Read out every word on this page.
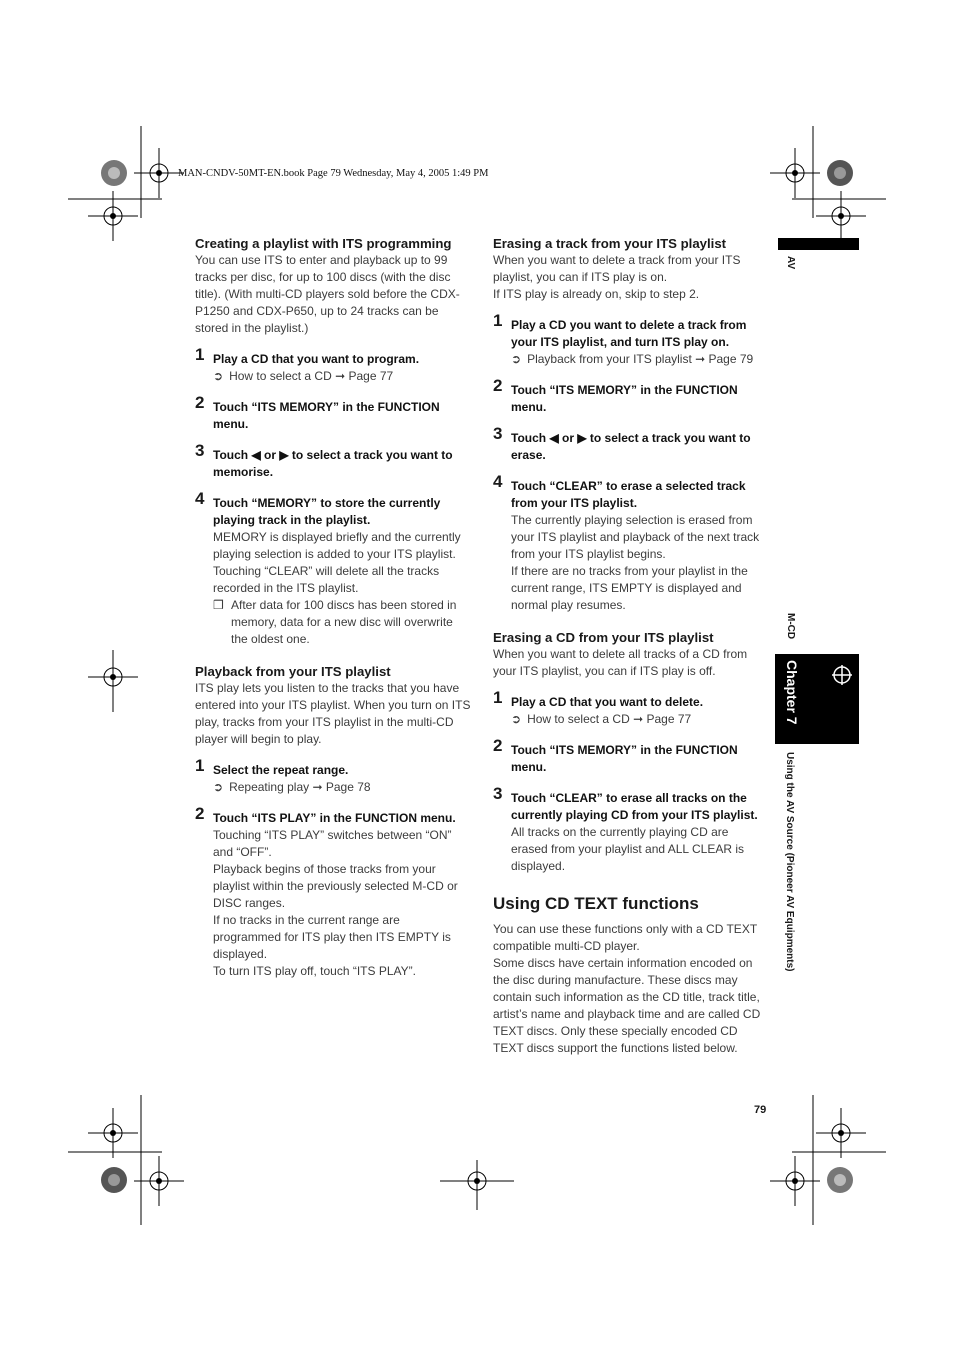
MAN-CNDV-50MT-EN.book Page 79 Wednesday, May 4, 2005 1:49 PM
AV
M-CD
Chapter 7
Using the AV Source (Pioneer AV Equipments)
79
Creating a playlist with ITS programming

You can use ITS to enter and playback up to 99 tracks per disc, for up to 100 discs (with the disc title). (With multi-CD players sold before the CDX-P1250 and CDX-P650, up to 24 tracks can be stored in the playlist.)

1 Play a CD that you want to program.
➲ How to select a CD ➞ Page 77
2 Touch “ITS MEMORY” in the FUNCTION menu.
3 Touch ◀ or ▶ to select a track you want to memorise.
4 Touch “MEMORY” to store the currently playing track in the playlist.

MEMORY is displayed briefly and the currently playing selection is added to your ITS playlist.

Touching “CLEAR” will delete all the tracks recorded in the ITS playlist.

❒ After data for 100 discs has been stored in memory, data for a new disc will overwrite the oldest one.
Playback from your ITS playlist

ITS play lets you listen to the tracks that you have entered into your ITS playlist. When you turn on ITS play, tracks from your ITS playlist in the multi-CD player will begin to play.

1 Select the repeat range.
➲ Repeating play ➞ Page 78
2 Touch “ITS PLAY” in the FUNCTION menu.

Touching “ITS PLAY” switches between “ON” and “OFF”.

Playback begins of those tracks from your playlist within the previously selected M-CD or DISC ranges.

If no tracks in the current range are programmed for ITS play then ITS EMPTY is displayed.

To turn ITS play off, touch “ITS PLAY”.

Erasing a track from your ITS playlist

When you want to delete a track from your ITS playlist, you can if ITS play is on.

If ITS play is already on, skip to step 2.

1 Play a CD you want to delete a track from your ITS playlist, and turn ITS play on.
➲ Playback from your ITS playlist ➞ Page 79
2 Touch “ITS MEMORY” in the FUNCTION menu.
3 Touch ◀ or ▶ to select a track you want to erase.
4 Touch “CLEAR” to erase a selected track from your ITS playlist.

The currently playing selection is erased from your ITS playlist and playback of the next track from your ITS playlist begins.

If there are no tracks from your playlist in the current range, ITS EMPTY is displayed and normal play resumes.

Erasing a CD from your ITS playlist

When you want to delete all tracks of a CD from your ITS playlist, you can if ITS play is off.

1 Play a CD that you want to delete.
➲ How to select a CD ➞ Page 77
2 Touch “ITS MEMORY” in the FUNCTION menu.
3 Touch “CLEAR” to erase all tracks on the currently playing CD from your ITS playlist.

All tracks on the currently playing CD are erased from your playlist and ALL CLEAR is displayed.

Using CD TEXT functions

You can use these functions only with a CD TEXT compatible multi-CD player.

Some discs have certain information encoded on the disc during manufacture. These discs may contain such information as the CD title, track title, artist’s name and playback time and are called CD TEXT discs. Only these specially encoded CD TEXT discs support the functions listed below.
